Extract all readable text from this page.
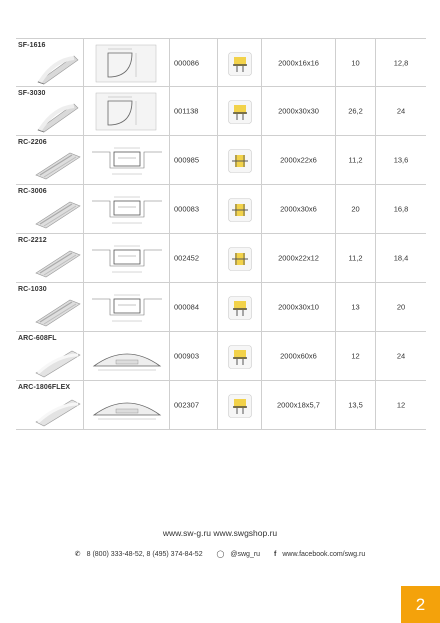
SF-1616
000086	2000x16x16	10	12,8
SF-3030
001138	2000x30x30	26,2	24
RC-2206
000985	2000x22x6	11,2	13,6
RC-3006
000083	2000x30x6	20	16,8
RC-2212
002452	2000x22x12	11,2	18,4
RC-1030
000084	2000x30x10	13	20
ARC-608FL
000903	2000x60x6	12	24
ARC-1806FLEX
002307	2000x18x5,7	13,5	12
www.sw-g.ru www.swgshop.ru
✆ 8 (800) 333-48-52, 8 (495) 374-84-52 ◯ @swg_ru f www.facebook.com/swg.ru
2
